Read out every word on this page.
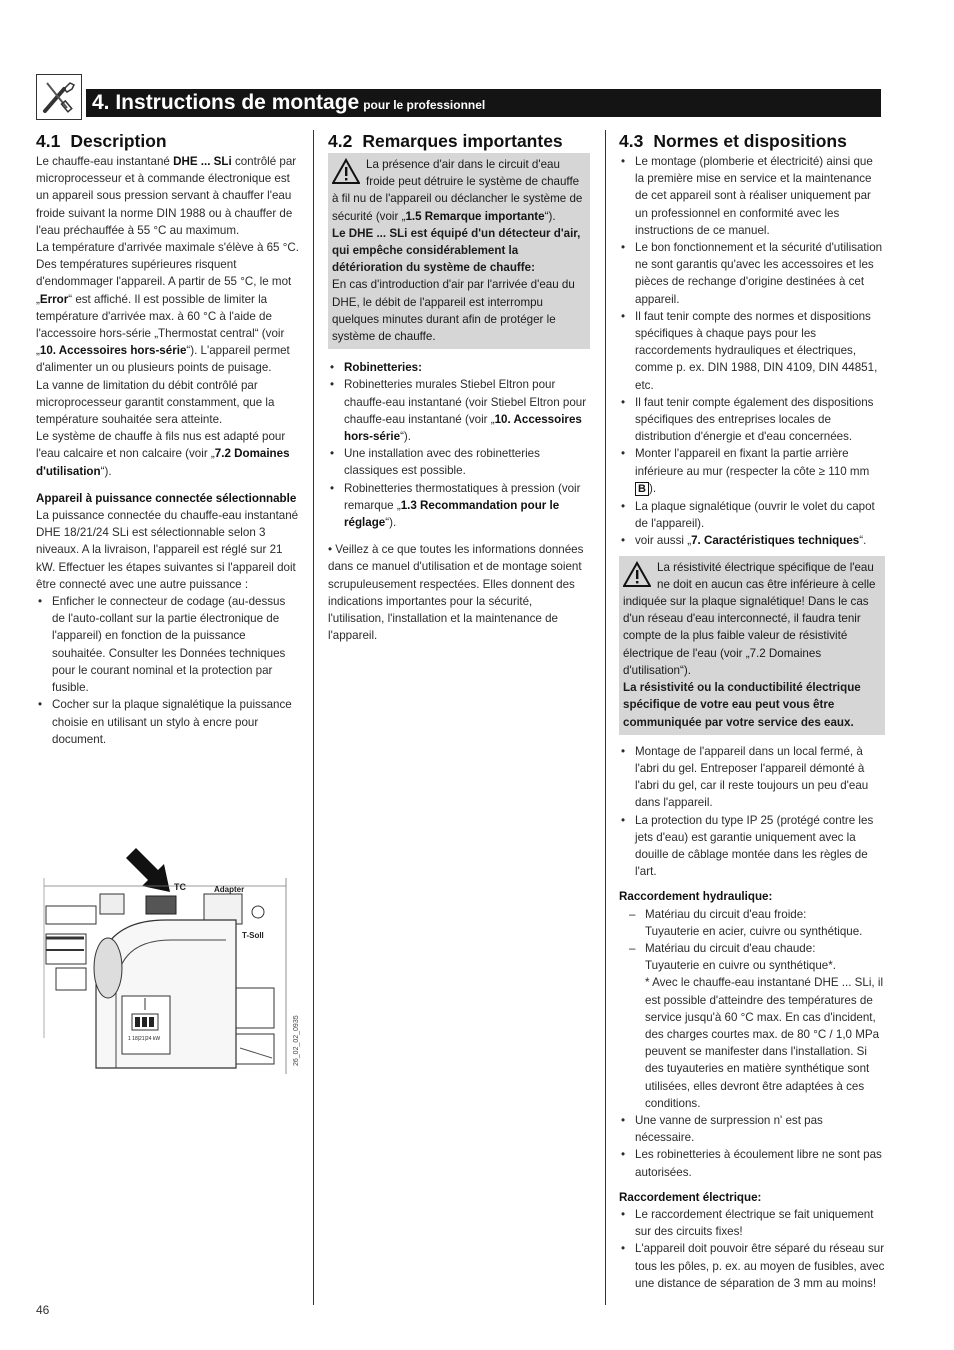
4. Instructions de montage pour le professionnel
4.1 Description

Le chauffe-eau instantané DHE ... SLi contrôlé par microprocesseur et à commande électronique est un appareil sous pression servant à chauffer l'eau froide suivant la norme DIN 1988 ou à chauffer de l'eau préchauffée à 55 °C au maximum.

La température d'arrivée maximale s'élève à 65 °C. Des températures supérieures risquent d'endommager l'appareil. A partir de 55 °C, le mot „Error“ est affiché. Il est possible de limiter la température d'arrivée max. à 60 °C à l'aide de l'accessoire hors-série „Thermostat central“ (voir „10. Accessoires hors-série“). L'appareil permet d'alimenter un ou plusieurs points de puisage.

La vanne de limitation du débit contrôlé par microprocesseur garantit constamment, que la température souhaitée sera atteinte.

Le système de chauffe à fils nus est adapté pour l'eau calcaire et non calcaire (voir „7.2 Domaines d'utilisation“).

Appareil à puissance connectée sélectionnable

La puissance connectée du chauffe-eau instantané DHE 18/21/24 SLi est sélectionnable selon 3 niveaux. A la livraison, l'appareil est réglé sur 21 kW. Effectuer les étapes suivantes si l'appareil doit être connecté avec une autre puissance :

• Enficher le connecteur de codage (au-dessus de l'auto-collant sur la partie électronique de l'appareil) en fonction de la puissance souhaitée. Consulter les Données techniques pour le courant nominal et la protection par fusible.
• Cocher sur la plaque signalétique la puissance choisie en utilisant un stylo à encre pour document.
TC	Adapter
T-Soll
1 18|21|24 kW	26_02_02_0935
4.2 Remarques importantes

La présence d'air dans le circuit d'eau froide peut détruire le système de chauffe à fil nu de l'appareil ou déclancher le système de sécurité (voir „1.5 Remarque importante“).

Le DHE ... SLi est équipé d'un détecteur d'air, qui empêche considérablement la détérioration du système de chauffe:

En cas d'introduction d'air par l'arrivée d'eau du DHE, le débit de l'appareil est interrompu quelques minutes durant afin de protéger le système de chauffe.

• Robinetteries:
• Robinetteries murales Stiebel Eltron pour chauffe-eau instantané (voir Stiebel Eltron pour chauffe-eau instantané (voir „10. Accessoires hors-série“).
• Une installation avec des robinetteries classiques est possible.
• Robinetteries thermostatiques à pression (voir remarque „1.3 Recommandation pour le réglage“).

• Veillez à ce que toutes les informations données dans ce manuel d'utilisation et de montage soient scrupuleusement respectées. Elles donnent des indications importantes pour la sécurité, l'utilisation, l'installation et la maintenance de l'appareil.

4.3 Normes et dispositions
• Le montage (plomberie et électricité) ainsi que la première mise en service et la maintenance de cet appareil sont à réaliser uniquement par un professionnel en conformité avec les instructions de ce manuel.
• Le bon fonctionnement et la sécurité d'utilisation ne sont garantis qu'avec les accessoires et les pièces de rechange d'origine destinées à cet appareil.
• Il faut tenir compte des normes et dispositions spécifiques à chaque pays pour les raccordements hydrauliques et électriques, comme p. ex. DIN 1988, DIN 4109, DIN 44851, etc.
• Il faut tenir compte également des dispositions spécifiques des entreprises locales de distribution d'énergie et d'eau concernées.
• Monter l'appareil en fixant la partie arrière inférieure au mur (respecter la côte ≥ 110 mm B ).
• La plaque signalétique (ouvrir le volet du capot de l'appareil).
• voir aussi „7. Caractéristiques techniques“.

La résistivité électrique spécifique de l'eau ne doit en aucun cas être inférieure à celle indiquée sur la plaque signalétique! Dans le cas d'un réseau d'eau interconnecté, il faudra tenir compte de la plus faible valeur de résistivité électrique de l'eau (voir „7.2 Domaines d'utilisation“).

La résistivité ou la conductibilité électrique spécifique de votre eau peut vous être communiquée par votre service des eaux.

• Montage de l'appareil dans un local fermé, à l'abri du gel. Entreposer l'appareil démonté à l'abri du gel, car il reste toujours un peu d'eau dans l'appareil.
• La protection du type IP 25 (protégé contre les jets d'eau) est garantie uniquement avec la douille de câblage montée dans les règles de l'art.

Raccordement hydraulique:

– Matériau du circuit d'eau froide:

Tuyauterie en acier, cuivre ou synthétique.

– Matériau du circuit d'eau chaude:

Tuyauterie en cuivre ou synthétique*.

* Avec le chauffe-eau instantané DHE ... SLi, il est possible d'atteindre des températures de service jusqu'à 60 °C max. En cas d'incident, des charges courtes max. de 80 °C / 1,0 MPa peuvent se manifester dans l'installation. Si des tuyauteries en matière synthétique sont utilisées, elles devront être adaptées à ces conditions.

• Une vanne de surpression n' est pas nécessaire.
• Les robinetteries à écoulement libre ne sont pas autorisées.

Raccordement électrique:

• Le raccordement électrique se fait uniquement sur des circuits fixes!
• L'appareil doit pouvoir être séparé du réseau sur tous les pôles, p. ex. au moyen de fusibles, avec une distance de séparation de 3 mm au moins!
46
